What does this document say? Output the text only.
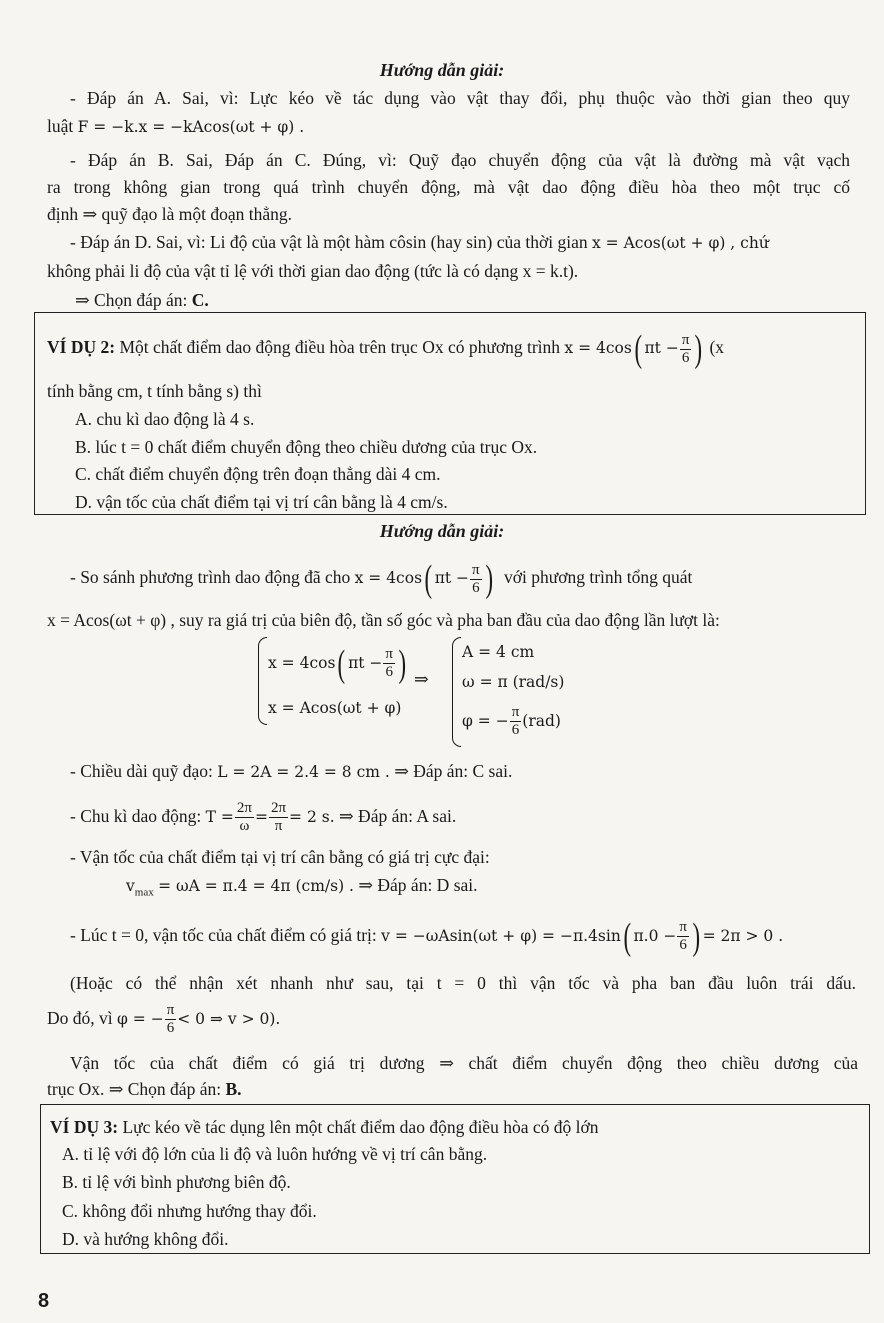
Hướng dẫn giải:
- Đáp án A. Sai, vì: Lực kéo về tác dụng vào vật thay đổi, phụ thuộc vào thời gian theo quy
luật F = −k.x = −kAcos(ωt + φ) .
- Đáp án B. Sai, Đáp án C. Đúng, vì: Quỹ đạo chuyển động của vật là đường mà vật vạch
ra trong không gian trong quá trình chuyển động, mà vật dao động điều hòa theo một trục cố
định ⇒ quỹ đạo là một đoạn thẳng.
- Đáp án D. Sai, vì: Li độ của vật là một hàm côsin (hay sin) của thời gian x = Acos(ωt + φ) , chứ
không phải li độ của vật tỉ lệ với thời gian dao động (tức là có dạng x = k.t).
⇒ Chọn đáp án: C.
VÍ DỤ 2: Một chất điểm dao động điều hòa trên trục Ox có phương trình x = 4cos( $\pi t - \frac{\pi}{6}$ ) (x
tính bằng cm, t tính bằng s) thì
A. chu kì dao động là 4 s.
B. lúc t = 0 chất điểm chuyển động theo chiều dương của trục Ox.
C. chất điểm chuyển động trên đoạn thẳng dài 4 cm.
D. vận tốc của chất điểm tại vị trí cân bằng là 4 cm/s.
Hướng dẫn giải:
- So sánh phương trình dao động đã cho x = 4cos( $\pi t - \frac{\pi}{6}$ ) với phương trình tổng quát
x = Acos(ωt + φ) , suy ra giá trị của biên độ, tần số góc và pha ban đầu của dao động lần lượt là:
x = 4cos( $\pi t - \frac{\pi}{6}$ )
x = Acos(ωt + φ)
⇒
A = 4 cm
ω = π (rad/s)
φ = − $\frac{\pi}{6} (rad)$
- Chiều dài quỹ đạo: L = 2A = 2.4 = 8 cm . ⇒ Đáp án: C sai.
- Chu kì dao động: $T = \frac{2\pi}{\omega} = \frac{2\pi}{\pi} = 2$ s. ⇒ Đáp án: A sai.
- Vận tốc của chất điểm tại vị trí cân bằng có giá trị cực đại:
$v_{max} = \omega A = \pi.4 = 4\pi$ (cm/s) . ⇒ Đáp án: D sai.
- Lúc t = 0, vận tốc của chất điểm có giá trị: v = −ωAsin(ωt + φ) = −π.4sin( $\pi.0 - \frac{\pi}{6}$ ) = 2π > 0 .
(Hoặc có thể nhận xét nhanh như sau, tại t = 0 thì vận tốc và pha ban đầu luôn trái dấu.
Do đó, vì φ = − $\frac{\pi}{6} < 0$ ⇒ v > 0).
Vận tốc của chất điểm có giá trị dương ⇒ chất điểm chuyển động theo chiều dương của
trục Ox. ⇒ Chọn đáp án: B.
VÍ DỤ 3: Lực kéo về tác dụng lên một chất điểm dao động điều hòa có độ lớn
A. tỉ lệ với độ lớn của li độ và luôn hướng về vị trí cân bằng.
B. tỉ lệ với bình phương biên độ.
C. không đổi nhưng hướng thay đổi.
D. và hướng không đổi.
8
